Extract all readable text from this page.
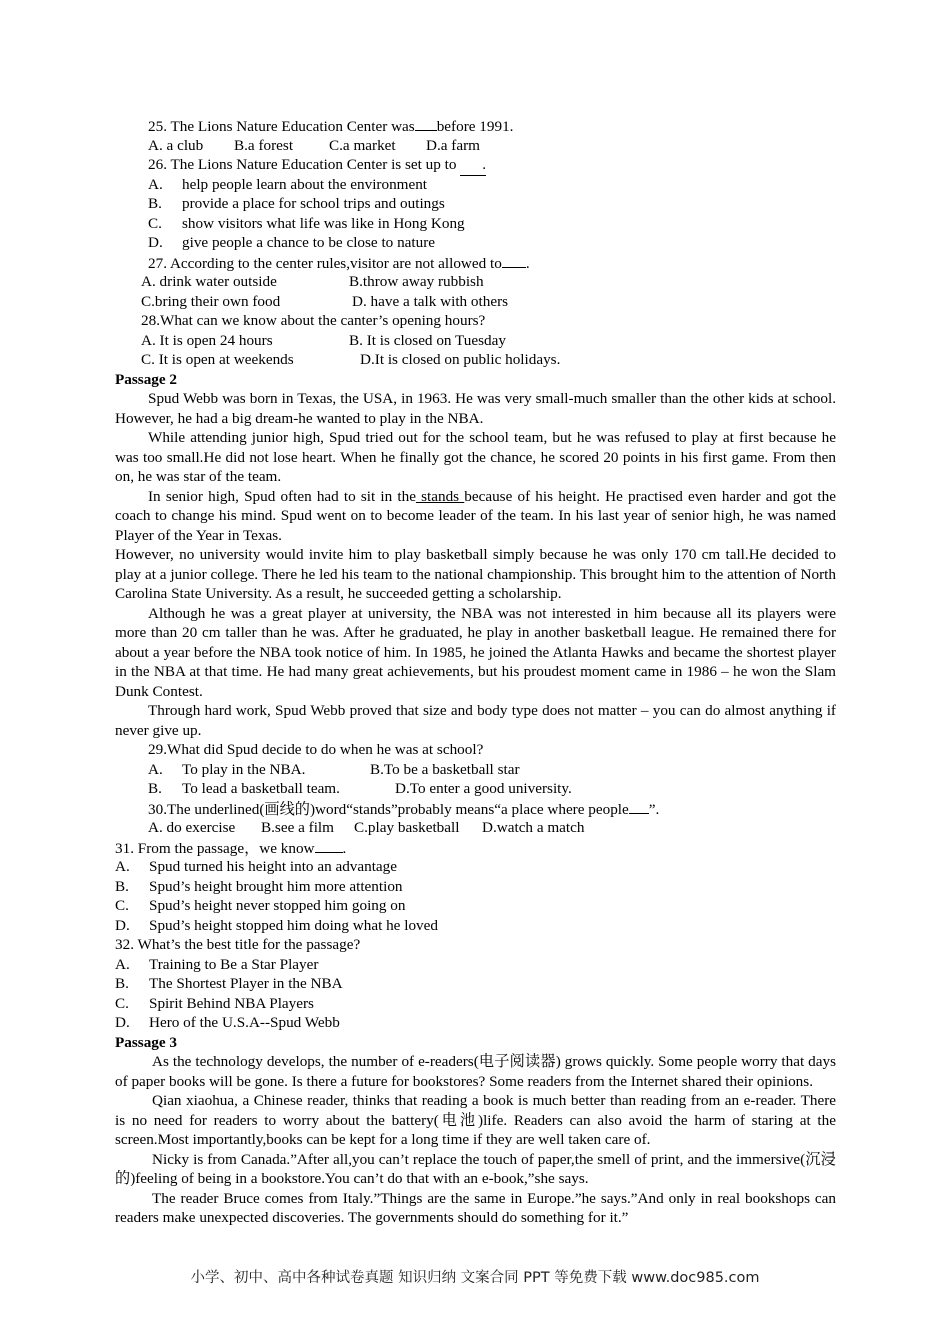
25. The Lions Nature Education Center was before 1991.
A. a club B.a forest C.a market D.a farm
26. The Lions Nature Education Center is set up to .
A.	help people learn about the environment
B.	provide a place for school trips and outings
C.	show visitors what life was like in Hong Kong
D.	give people a chance to be close to nature
27. According to the center rules,visitor are not allowed to .
A. drink water outside	B.throw away rubbish
C.bring their own food	D. have a talk with others
28.What can we know about the canter’s opening hours?
A. It is open 24 hours	B. It is closed on Tuesday
C. It is open at weekends	D.It is closed on public holidays.
Passage 2

Spud Webb was born in Texas, the USA, in 1963. He was very small-much smaller than the other kids at school. However, he had a big dream-he wanted to play in the NBA.

While attending junior high, Spud tried out for the school team, but he was refused to play at first because he was too small.He did not lose heart. When he finally got the chance, he scored 20 points in his first game. From then on, he was star of the team.

In senior high, Spud often had to sit in the stands because of his height. He practised even harder and got the coach to change his mind. Spud went on to become leader of the team. In his last year of senior high, he was named Player of the Year in Texas.

However, no university would invite him to play basketball simply because he was only 170 cm tall.He decided to play at a junior college. There he led his team to the national championship. This brought him to the attention of North Carolina State University. As a result, he succeeded getting a scholarship.

Although he was a great player at university, the NBA was not interested in him because all its players were more than 20 cm taller than he was. After he graduated, he play in another basketball league. He remained there for about a year before the NBA took notice of him. In 1985, he joined the Atlanta Hawks and became the shortest player in the NBA at that time. He had many great achievements, but his proudest moment came in 1986 – he won the Slam Dunk Contest.

Through hard work, Spud Webb proved that size and body type does not matter – you can do almost anything if never give up.

29.What did Spud decide to do when he was at school?
A.	To play in the NBA.	B.To be a basketball star
B.	To lead a basketball team.	D.To enter a good university.
30.The underlined(画线的)word“stands”probably means“a place where people ”.
A. do exercise B.see a film C.play basketball D.watch a match
31. From the passage，we know .
A.	Spud turned his height into an advantage
B.	Spud’s height brought him more attention
C.	Spud’s height never stopped him going on
D.	Spud’s height stopped him doing what he loved
32. What’s the best title for the passage?
A.	Training to Be a Star Player
B.	The Shortest Player in the NBA
C.	Spirit Behind NBA Players
D.	Hero of the U.S.A--Spud Webb
Passage 3

As the technology develops, the number of e-readers(电子阅读器) grows quickly. Some people worry that days of paper books will be gone. Is there a future for bookstores? Some readers from the Internet shared their opinions.

Qian xiaohua, a Chinese reader, thinks that reading a book is much better than reading from an e-reader. There is no need for readers to worry about the battery(电池)life. Readers can also avoid the harm of staring at the screen.Most importantly,books can be kept for a long time if they are well taken care of.

Nicky is from Canada.”After all,you can’t replace the touch of paper,the smell of print, and the immersive(沉浸的)feeling of being in a bookstore.You can’t do that with an e-book,”she says.

The reader Bruce comes from Italy.”Things are the same in Europe.”he says.”And only in real bookshops can readers make unexpected discoveries. The governments should do something for it.”

小学、初中、高中各种试卷真题 知识归纳 文案合同 PPT 等免费下载 www.doc985.com
